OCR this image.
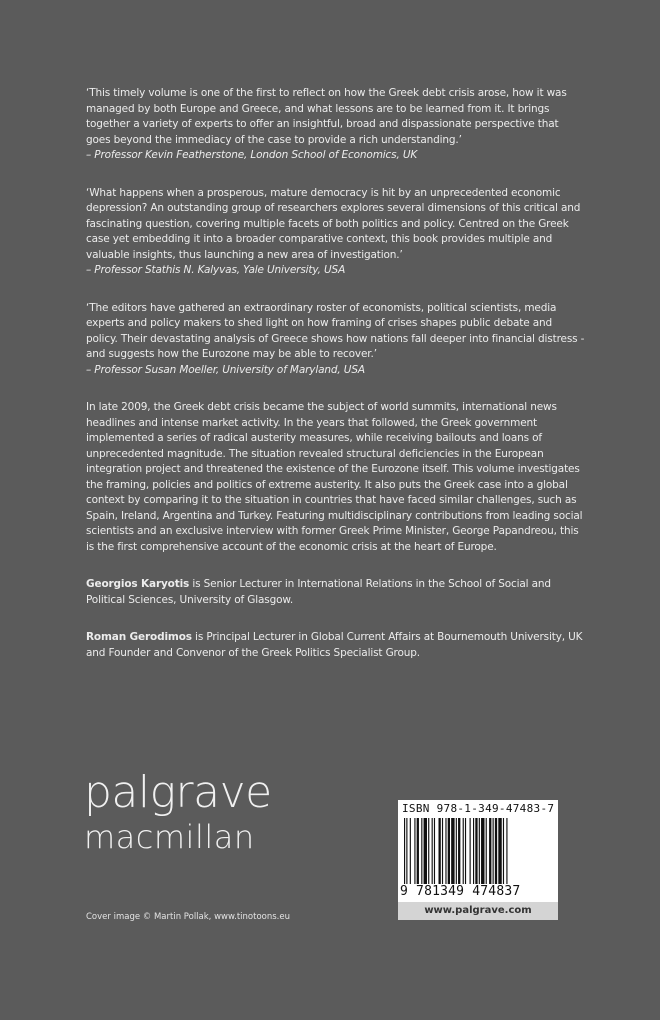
‘This timely volume is one of the first to reflect on how the Greek debt crisis arose, how it was managed by both Europe and Greece, and what lessons are to be learned from it. It brings together a variety of experts to offer an insightful, broad and dispassionate perspective that goes beyond the immediacy of the case to provide a rich understanding.’
– Professor Kevin Featherstone, London School of Economics, UK
‘What happens when a prosperous, mature democracy is hit by an unprecedented economic depression? An outstanding group of researchers explores several dimensions of this critical and fascinating question, covering multiple facets of both politics and policy. Centred on the Greek case yet embedding it into a broader comparative context, this book provides multiple and valuable insights, thus launching a new area of investigation.’
– Professor Stathis N. Kalyvas, Yale University, USA
‘The editors have gathered an extraordinary roster of economists, political scientists, media experts and policy makers to shed light on how framing of crises shapes public debate and policy. Their devastating analysis of Greece shows how nations fall deeper into financial distress - and suggests how the Eurozone may be able to recover.’
– Professor Susan Moeller, University of Maryland, USA

In late 2009, the Greek debt crisis became the subject of world summits, international news headlines and intense market activity. In the years that followed, the Greek government implemented a series of radical austerity measures, while receiving bailouts and loans of unprecedented magnitude. The situation revealed structural deficiencies in the European integration project and threatened the existence of the Eurozone itself. This volume investigates the framing, policies and politics of extreme austerity. It also puts the Greek case into a global context by comparing it to the situation in countries that have faced similar challenges, such as Spain, Ireland, Argentina and Turkey. Featuring multidisciplinary contributions from leading social scientists and an exclusive interview with former Greek Prime Minister, George Papandreou, this is the first comprehensive account of the economic crisis at the heart of Europe.

Georgios Karyotis is Senior Lecturer in International Relations in the School of Social and Political Sciences, University of Glasgow.

Roman Gerodimos is Principal Lecturer in Global Current Affairs at Bournemouth University, UK and Founder and Convenor of the Greek Politics Specialist Group.

palgrave
macmillan
Cover image © Martin Pollak, www.tinotoons.eu
ISBN 978-1-349-47483-7
9 781349 474837
www.palgrave.com
